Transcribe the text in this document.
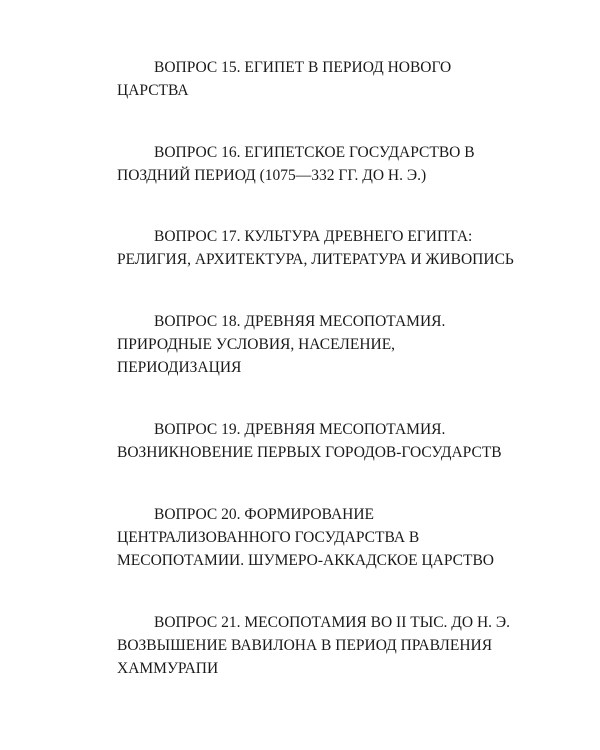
ВОПРОС 15. ЕГИПЕТ В ПЕРИОД НОВОГО ЦАРСТВА
ВОПРОС 16. ЕГИПЕТСКОЕ ГОСУДАРСТВО В ПОЗДНИЙ ПЕРИОД (1075—332 ГГ. ДО Н. Э.)
ВОПРОС 17. КУЛЬТУРА ДРЕВНЕГО ЕГИПТА: РЕЛИГИЯ, АРХИТЕКТУРА, ЛИТЕРАТУРА И ЖИВОПИСЬ
ВОПРОС 18. ДРЕВНЯЯ МЕСОПОТАМИЯ. ПРИРОДНЫЕ УСЛОВИЯ, НАСЕЛЕНИЕ, ПЕРИОДИЗАЦИЯ
ВОПРОС 19. ДРЕВНЯЯ МЕСОПОТАМИЯ. ВОЗНИКНОВЕНИЕ ПЕРВЫХ ГОРОДОВ-ГОСУДАРСТВ
ВОПРОС 20. ФОРМИРОВАНИЕ ЦЕНТРАЛИЗОВАННОГО ГОСУДАРСТВА В МЕСОПОТАМИИ. ШУМЕРО-АККАДСКОЕ ЦАРСТВО
ВОПРОС 21. МЕСОПОТАМИЯ ВО II ТЫС. ДО Н. Э. ВОЗВЫШЕНИЕ ВАВИЛОНА В ПЕРИОД ПРАВЛЕНИЯ ХАММУРАПИ
